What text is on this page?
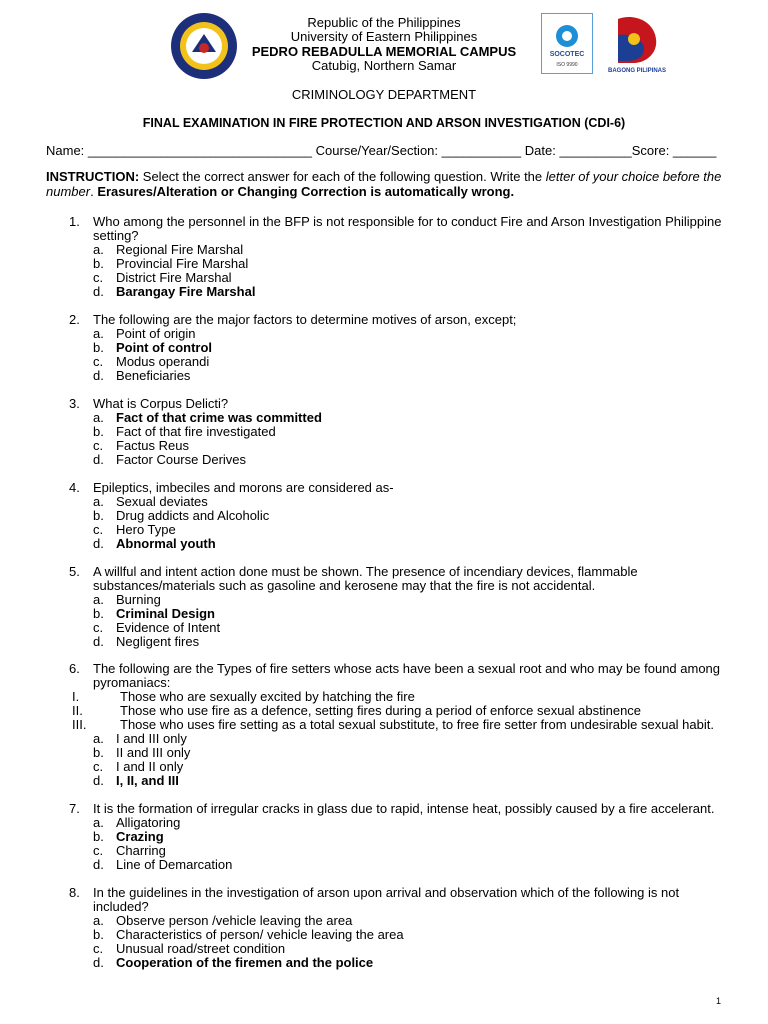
SOCOTEC
ISO 9990
BAGONG PILIPINAS
Republic of the Philippines
University of Eastern Philippines
PEDRO REBADULLA MEMORIAL CAMPUS
Catubig, Northern Samar
CRIMINOLOGY DEPARTMENT
FINAL EXAMINATION IN FIRE PROTECTION AND ARSON INVESTIGATION (CDI-6)
Name: _______________________________ Course/Year/Section: ___________ Date: __________Score: ______
INSTRUCTION: Select the correct answer for each of the following question. Write the letter of your choice before the number. Erasures/Alteration or Changing Correction is automatically wrong.
1. Who among the personnel in the BFP is not responsible for to conduct Fire and Arson Investigation Philippine setting?
a. Regional Fire Marshal
b. Provincial Fire Marshal
c. District Fire Marshal
d. Barangay Fire Marshal
2. The following are the major factors to determine motives of arson, except;
a. Point of origin
b. Point of control
c. Modus operandi
d. Beneficiaries
3. What is Corpus Delicti?
a. Fact of that crime was committed
b. Fact of that fire investigated
c. Factus Reus
d. Factor Course Derives
4. Epileptics, imbeciles and morons are considered as-
a. Sexual deviates
b. Drug addicts and Alcoholic
c. Hero Type
d. Abnormal youth
5. A willful and intent action done must be shown. The presence of incendiary devices, flammable substances/materials such as gasoline and kerosene may that the fire is not accidental.
a. Burning
b. Criminal Design
c. Evidence of Intent
d. Negligent fires
6. The following are the Types of fire setters whose acts have been a sexual root and who may be found among pyromaniacs:
I.	Those who are sexually excited by hatching the fire
II.	Those who use fire as a defence, setting fires during a period of enforce sexual abstinence
III.	Those who uses fire setting as a total sexual substitute, to free fire setter from undesirable sexual habit.
a. I and III only
b. II and III only
c. I and II only
d. I, II, and III
7. It is the formation of irregular cracks in glass due to rapid, intense heat, possibly caused by a fire accelerant.
a. Alligatoring
b. Crazing
c. Charring
d. Line of Demarcation
8. In the guidelines in the investigation of arson upon arrival and observation which of the following is not included?
a. Observe person /vehicle leaving the area
b. Characteristics of person/ vehicle leaving the area
c. Unusual road/street condition
d. Cooperation of the firemen and the police
1
